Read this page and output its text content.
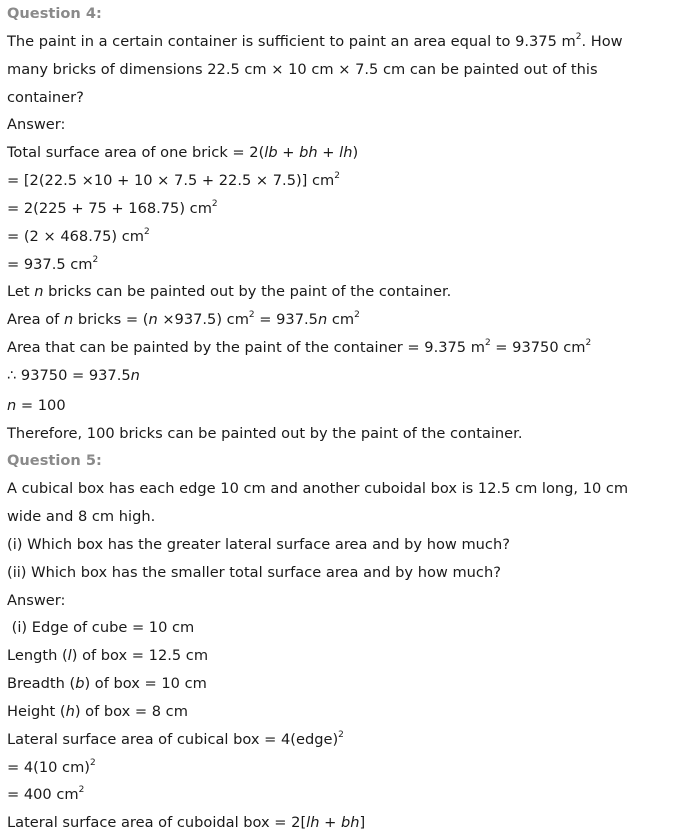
Question 4:

The paint in a certain container is sufficient to paint an area equal to 9.375 $m^2$. How

many bricks of dimensions 22.5 cm × 10 cm × 7.5 cm can be painted out of this

container?

Answer:

Total surface area of one brick = 2(lb + bh + lh)

= [2(22.5 ×10 + 10 × 7.5 + 22.5 × 7.5)] $cm^2$

= 2(225 + 75 + 168.75) $cm^2$

= (2 × 468.75) $cm^2$

= 937.5 $cm^2$

Let n bricks can be painted out by the paint of the container.

Area of n bricks = (n ×937.5) $cm^2 = 937.5n$ $cm^2$

Area that can be painted by the paint of the container = 9.375 $m^2 = 93750$ $cm^2$

∴ 93750 = 937.5n

n = 100

Therefore, 100 bricks can be painted out by the paint of the container.

Question 5:

A cubical box has each edge 10 cm and another cuboidal box is 12.5 cm long, 10 cm

wide and 8 cm high.

(i) Which box has the greater lateral surface area and by how much?

(ii) Which box has the smaller total surface area and by how much?

Answer:

(i) Edge of cube = 10 cm

Length (l) of box = 12.5 cm

Breadth (b) of box = 10 cm

Height (h) of box = 8 cm

Lateral surface area of cubical box = 4(edge)$^2$

= 4(10 cm)$^2$

= 400 $cm^2$

Lateral surface area of cuboidal box = 2[lh + bh]
